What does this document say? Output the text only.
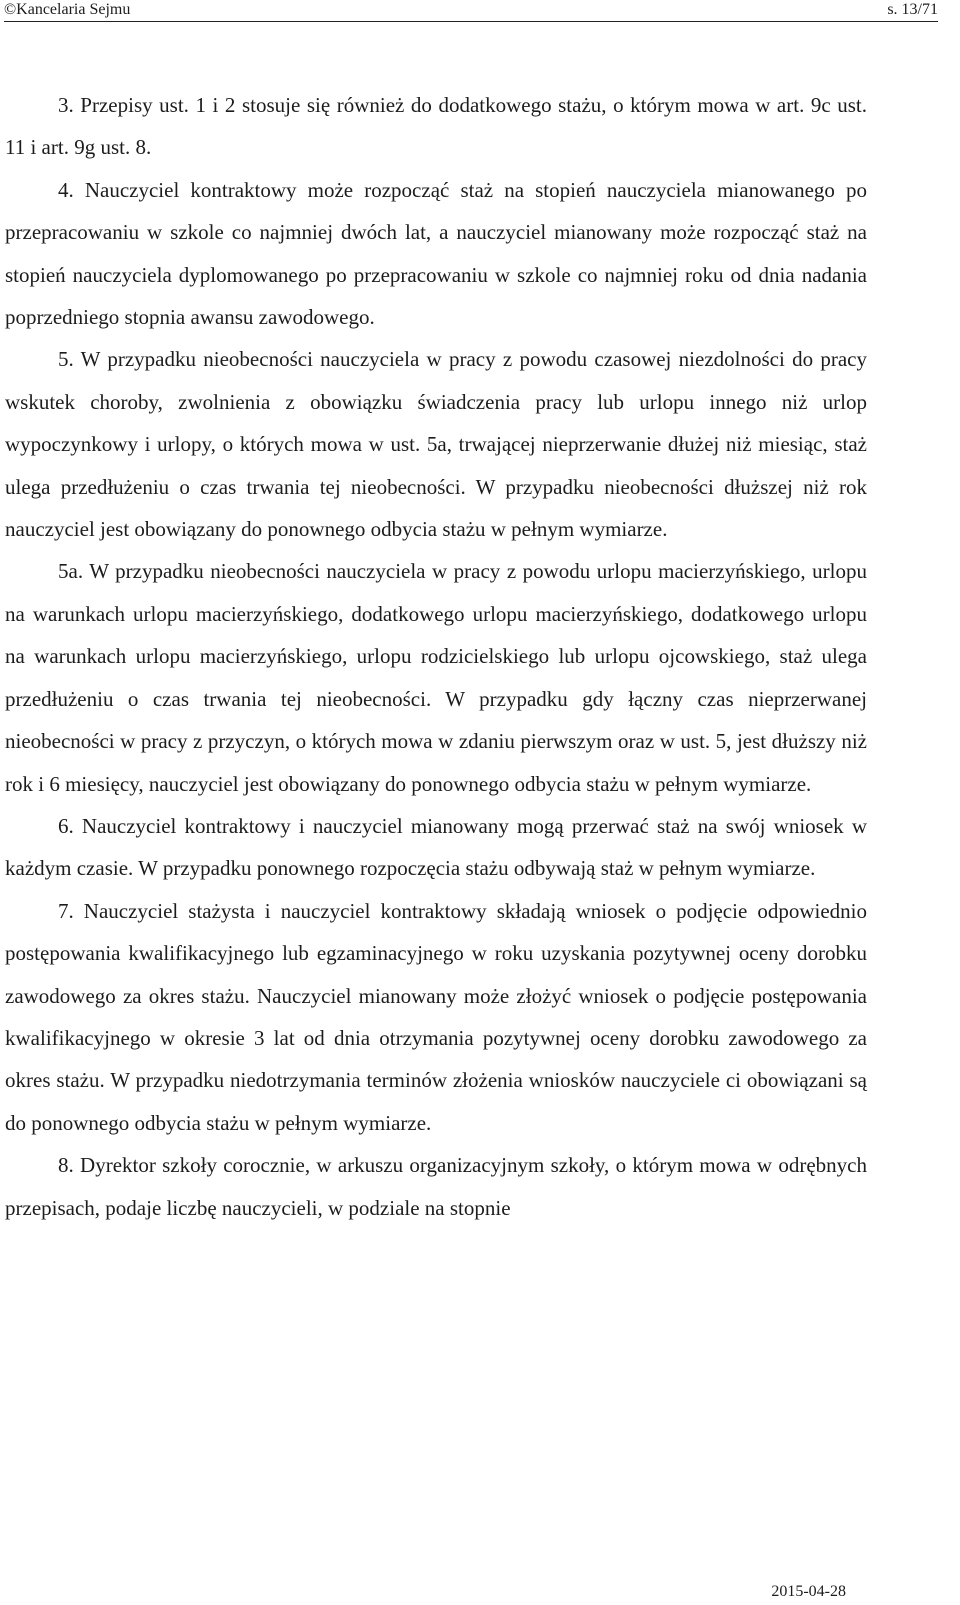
©Kancelaria Sejmu	s. 13/71

3. Przepisy ust. 1 i 2 stosuje się również do dodatkowego stażu, o którym mowa w art. 9c ust. 11 i art. 9g ust. 8.

4. Nauczyciel kontraktowy może rozpocząć staż na stopień nauczyciela mianowanego po przepracowaniu w szkole co najmniej dwóch lat, a nauczyciel mianowany może rozpocząć staż na stopień nauczyciela dyplomowanego po przepracowaniu w szkole co najmniej roku od dnia nadania poprzedniego stopnia awansu zawodowego.

5. W przypadku nieobecności nauczyciela w pracy z powodu czasowej niezdolności do pracy wskutek choroby, zwolnienia z obowiązku świadczenia pracy lub urlopu innego niż urlop wypoczynkowy i urlopy, o których mowa w ust. 5a, trwającej nieprzerwanie dłużej niż miesiąc, staż ulega przedłużeniu o czas trwania tej nieobecności. W przypadku nieobecności dłuższej niż rok nauczyciel jest obowiązany do ponownego odbycia stażu w pełnym wymiarze.

5a. W przypadku nieobecności nauczyciela w pracy z powodu urlopu macierzyńskiego, urlopu na warunkach urlopu macierzyńskiego, dodatkowego urlopu macierzyńskiego, dodatkowego urlopu na warunkach urlopu macierzyńskiego, urlopu rodzicielskiego lub urlopu ojcowskiego, staż ulega przedłużeniu o czas trwania tej nieobecności. W przypadku gdy łączny czas nieprzerwanej nieobecności w pracy z przyczyn, o których mowa w zdaniu pierwszym oraz w ust. 5, jest dłuższy niż rok i 6 miesięcy, nauczyciel jest obowiązany do ponownego odbycia stażu w pełnym wymiarze.

6. Nauczyciel kontraktowy i nauczyciel mianowany mogą przerwać staż na swój wniosek w każdym czasie. W przypadku ponownego rozpoczęcia stażu odbywają staż w pełnym wymiarze.

7. Nauczyciel stażysta i nauczyciel kontraktowy składają wniosek o podjęcie odpowiednio postępowania kwalifikacyjnego lub egzaminacyjnego w roku uzyskania pozytywnej oceny dorobku zawodowego za okres stażu. Nauczyciel mianowany może złożyć wniosek o podjęcie postępowania kwalifikacyjnego w okresie 3 lat od dnia otrzymania pozytywnej oceny dorobku zawodowego za okres stażu. W przypadku niedotrzymania terminów złożenia wniosków nauczyciele ci obowiązani są do ponownego odbycia stażu w pełnym wymiarze.

8. Dyrektor szkoły corocznie, w arkuszu organizacyjnym szkoły, o którym mowa w odrębnych przepisach, podaje liczbę nauczycieli, w podziale na stopnie

2015-04-28
